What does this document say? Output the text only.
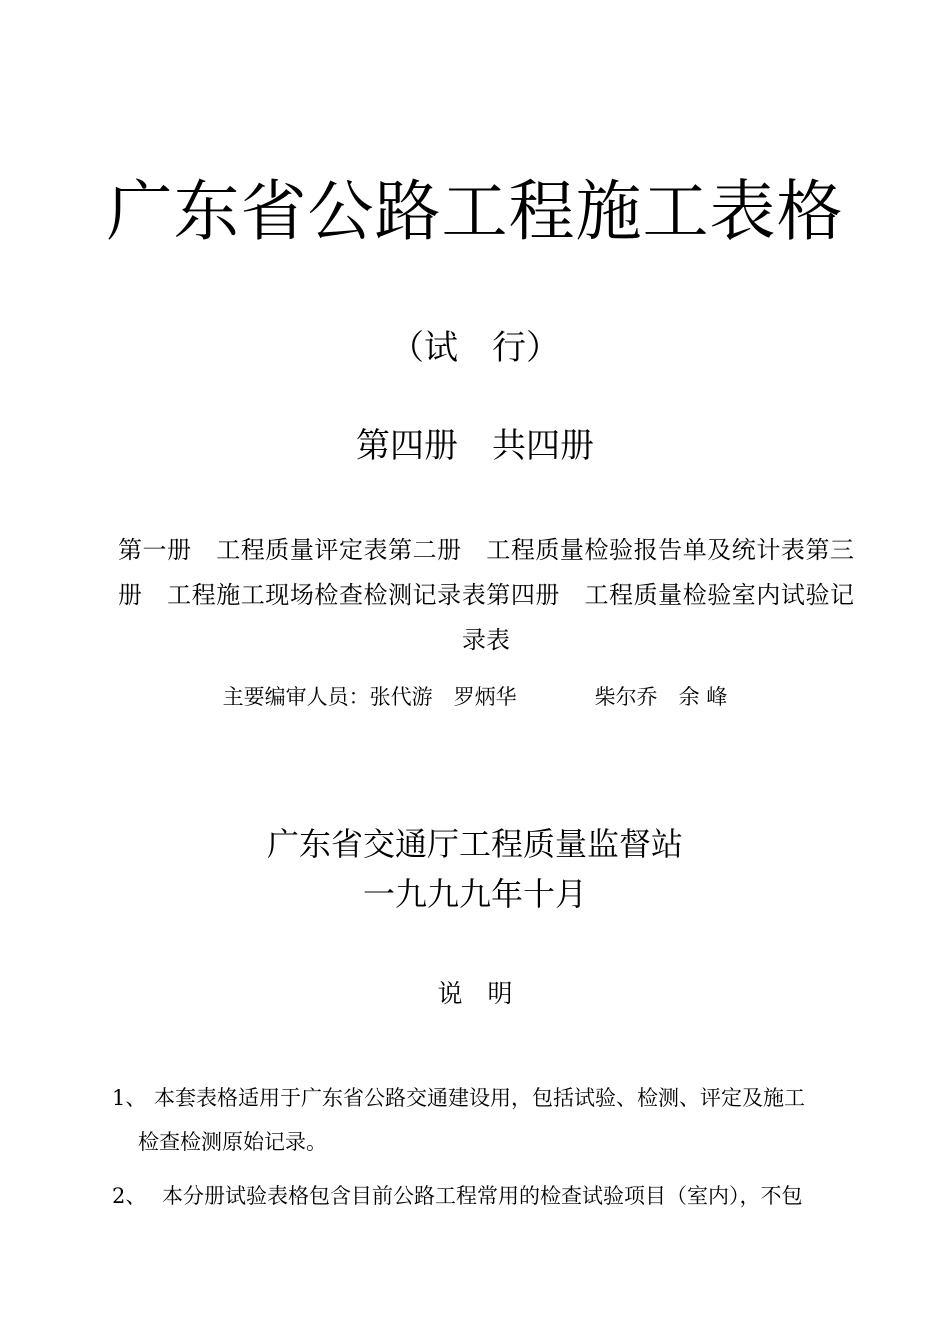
广东省公路工程施工表格
（试　行）
第四册　共四册
第一册　工程质量评定表第二册　工程质量检验报告单及统计表第三册　工程施工现场检查检测记录表第四册　工程质量检验室内试验记录表
主要编审人员：张代游　罗炳华	柴尔乔　余 峰
广东省交通厅工程质量监督站
一九九九年十月
说　明
1、 本套表格适用于广东省公路交通建设用，包括试验、检测、评定及施工
检查检测原始记录。
2、 本分册试验表格包含目前公路工程常用的检查试验项目（室内），不包
